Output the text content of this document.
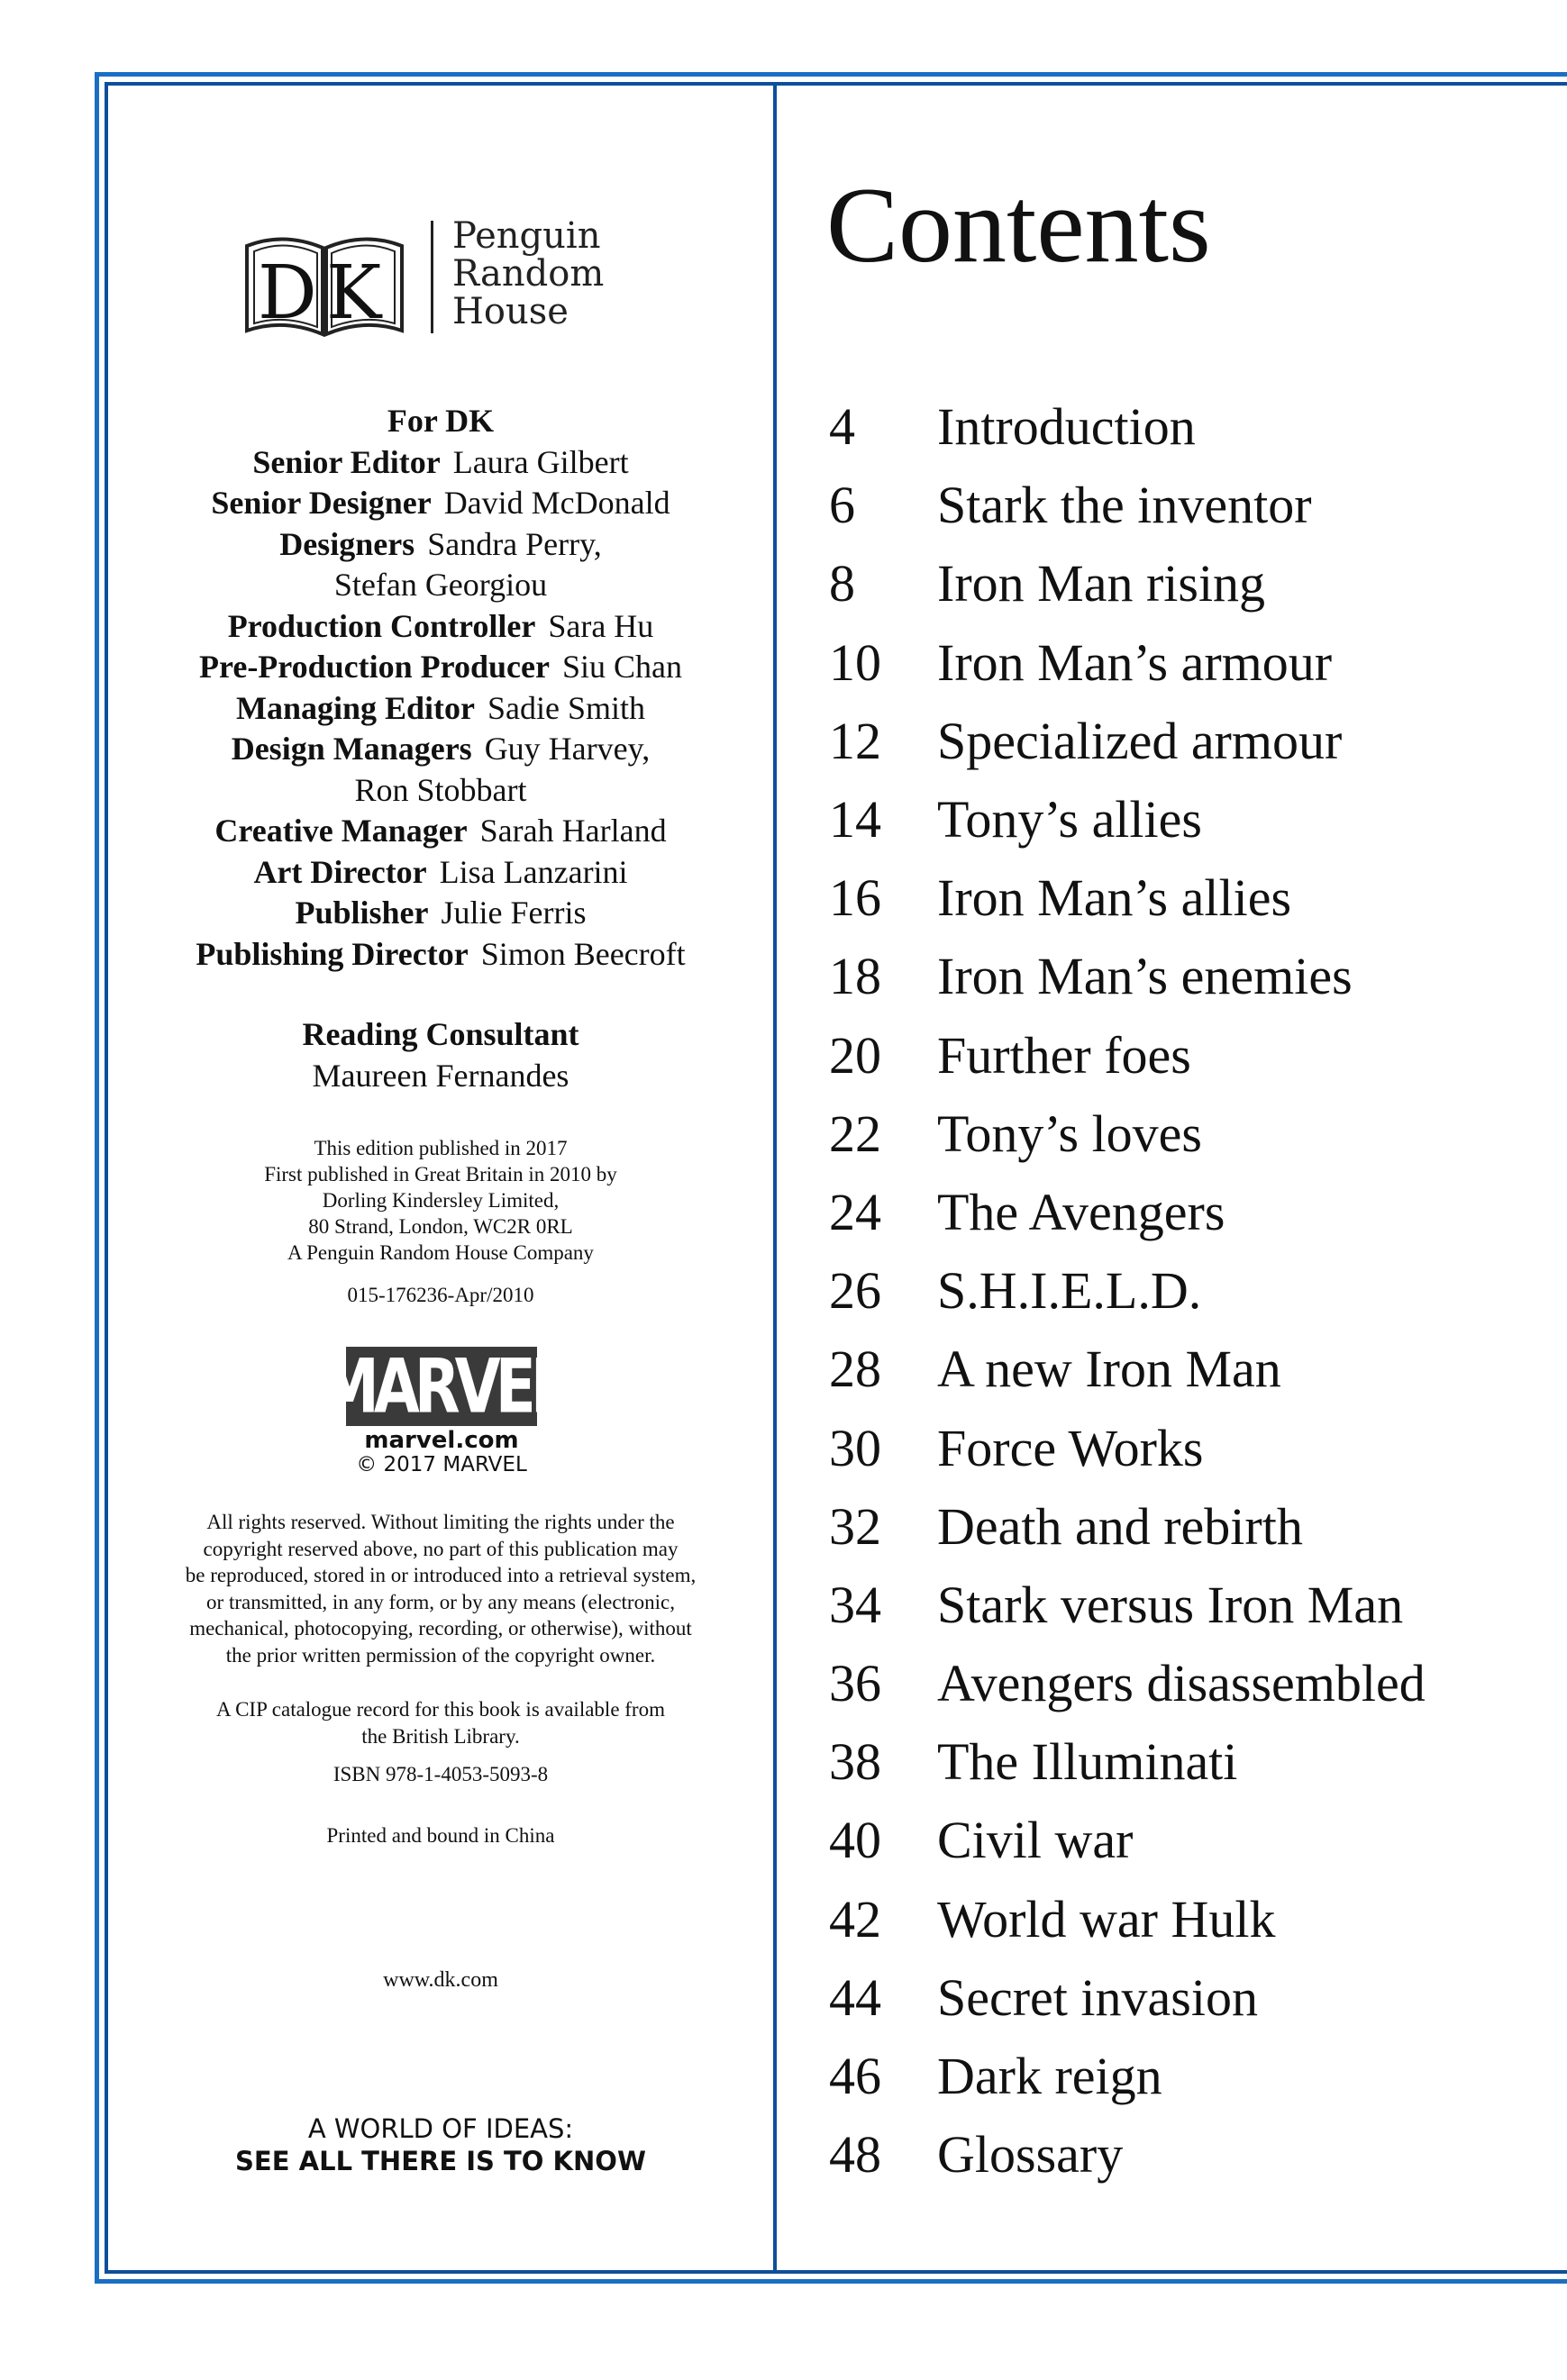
D K
Penguin
Random
House
For DK
Senior Editor Laura Gilbert
Senior Designer David McDonald
Designers Sandra Perry,
Stefan Georgiou
Production Controller Sara Hu
Pre-Production Producer Siu Chan
Managing Editor Sadie Smith
Design Managers Guy Harvey,
Ron Stobbart
Creative Manager Sarah Harland
Art Director Lisa Lanzarini
Publisher Julie Ferris
Publishing Director Simon Beecroft
Reading Consultant
Maureen Fernandes
This edition published in 2017
First published in Great Britain in 2010 by
Dorling Kindersley Limited,
80 Strand, London, WC2R 0RL
A Penguin Random House Company
015-176236-Apr/2010
MARVEL
marvel.com
© 2017 MARVEL
All rights reserved. Without limiting the rights under the
copyright reserved above, no part of this publication may
be reproduced, stored in or introduced into a retrieval system,
or transmitted, in any form, or by any means (electronic,
mechanical, photocopying, recording, or otherwise), without
the prior written permission of the copyright owner.
A CIP catalogue record for this book is available from
the British Library.
ISBN 978-1-4053-5093-8
Printed and bound in China
www.dk.com
A WORLD OF IDEAS:
SEE ALL THERE IS TO KNOW
Contents
4	Introduction
6	Stark the inventor
8	Iron Man rising
10	Iron Man’s armour
12	Specialized armour
14	Tony’s allies
16	Iron Man’s allies
18	Iron Man’s enemies
20	Further foes
22	Tony’s loves
24	The Avengers
26	S.H.I.E.L.D.
28	A new Iron Man
30	Force Works
32	Death and rebirth
34	Stark versus Iron Man
36	Avengers disassembled
38	The Illuminati
40	Civil war
42	World war Hulk
44	Secret invasion
46	Dark reign
48	Glossary
